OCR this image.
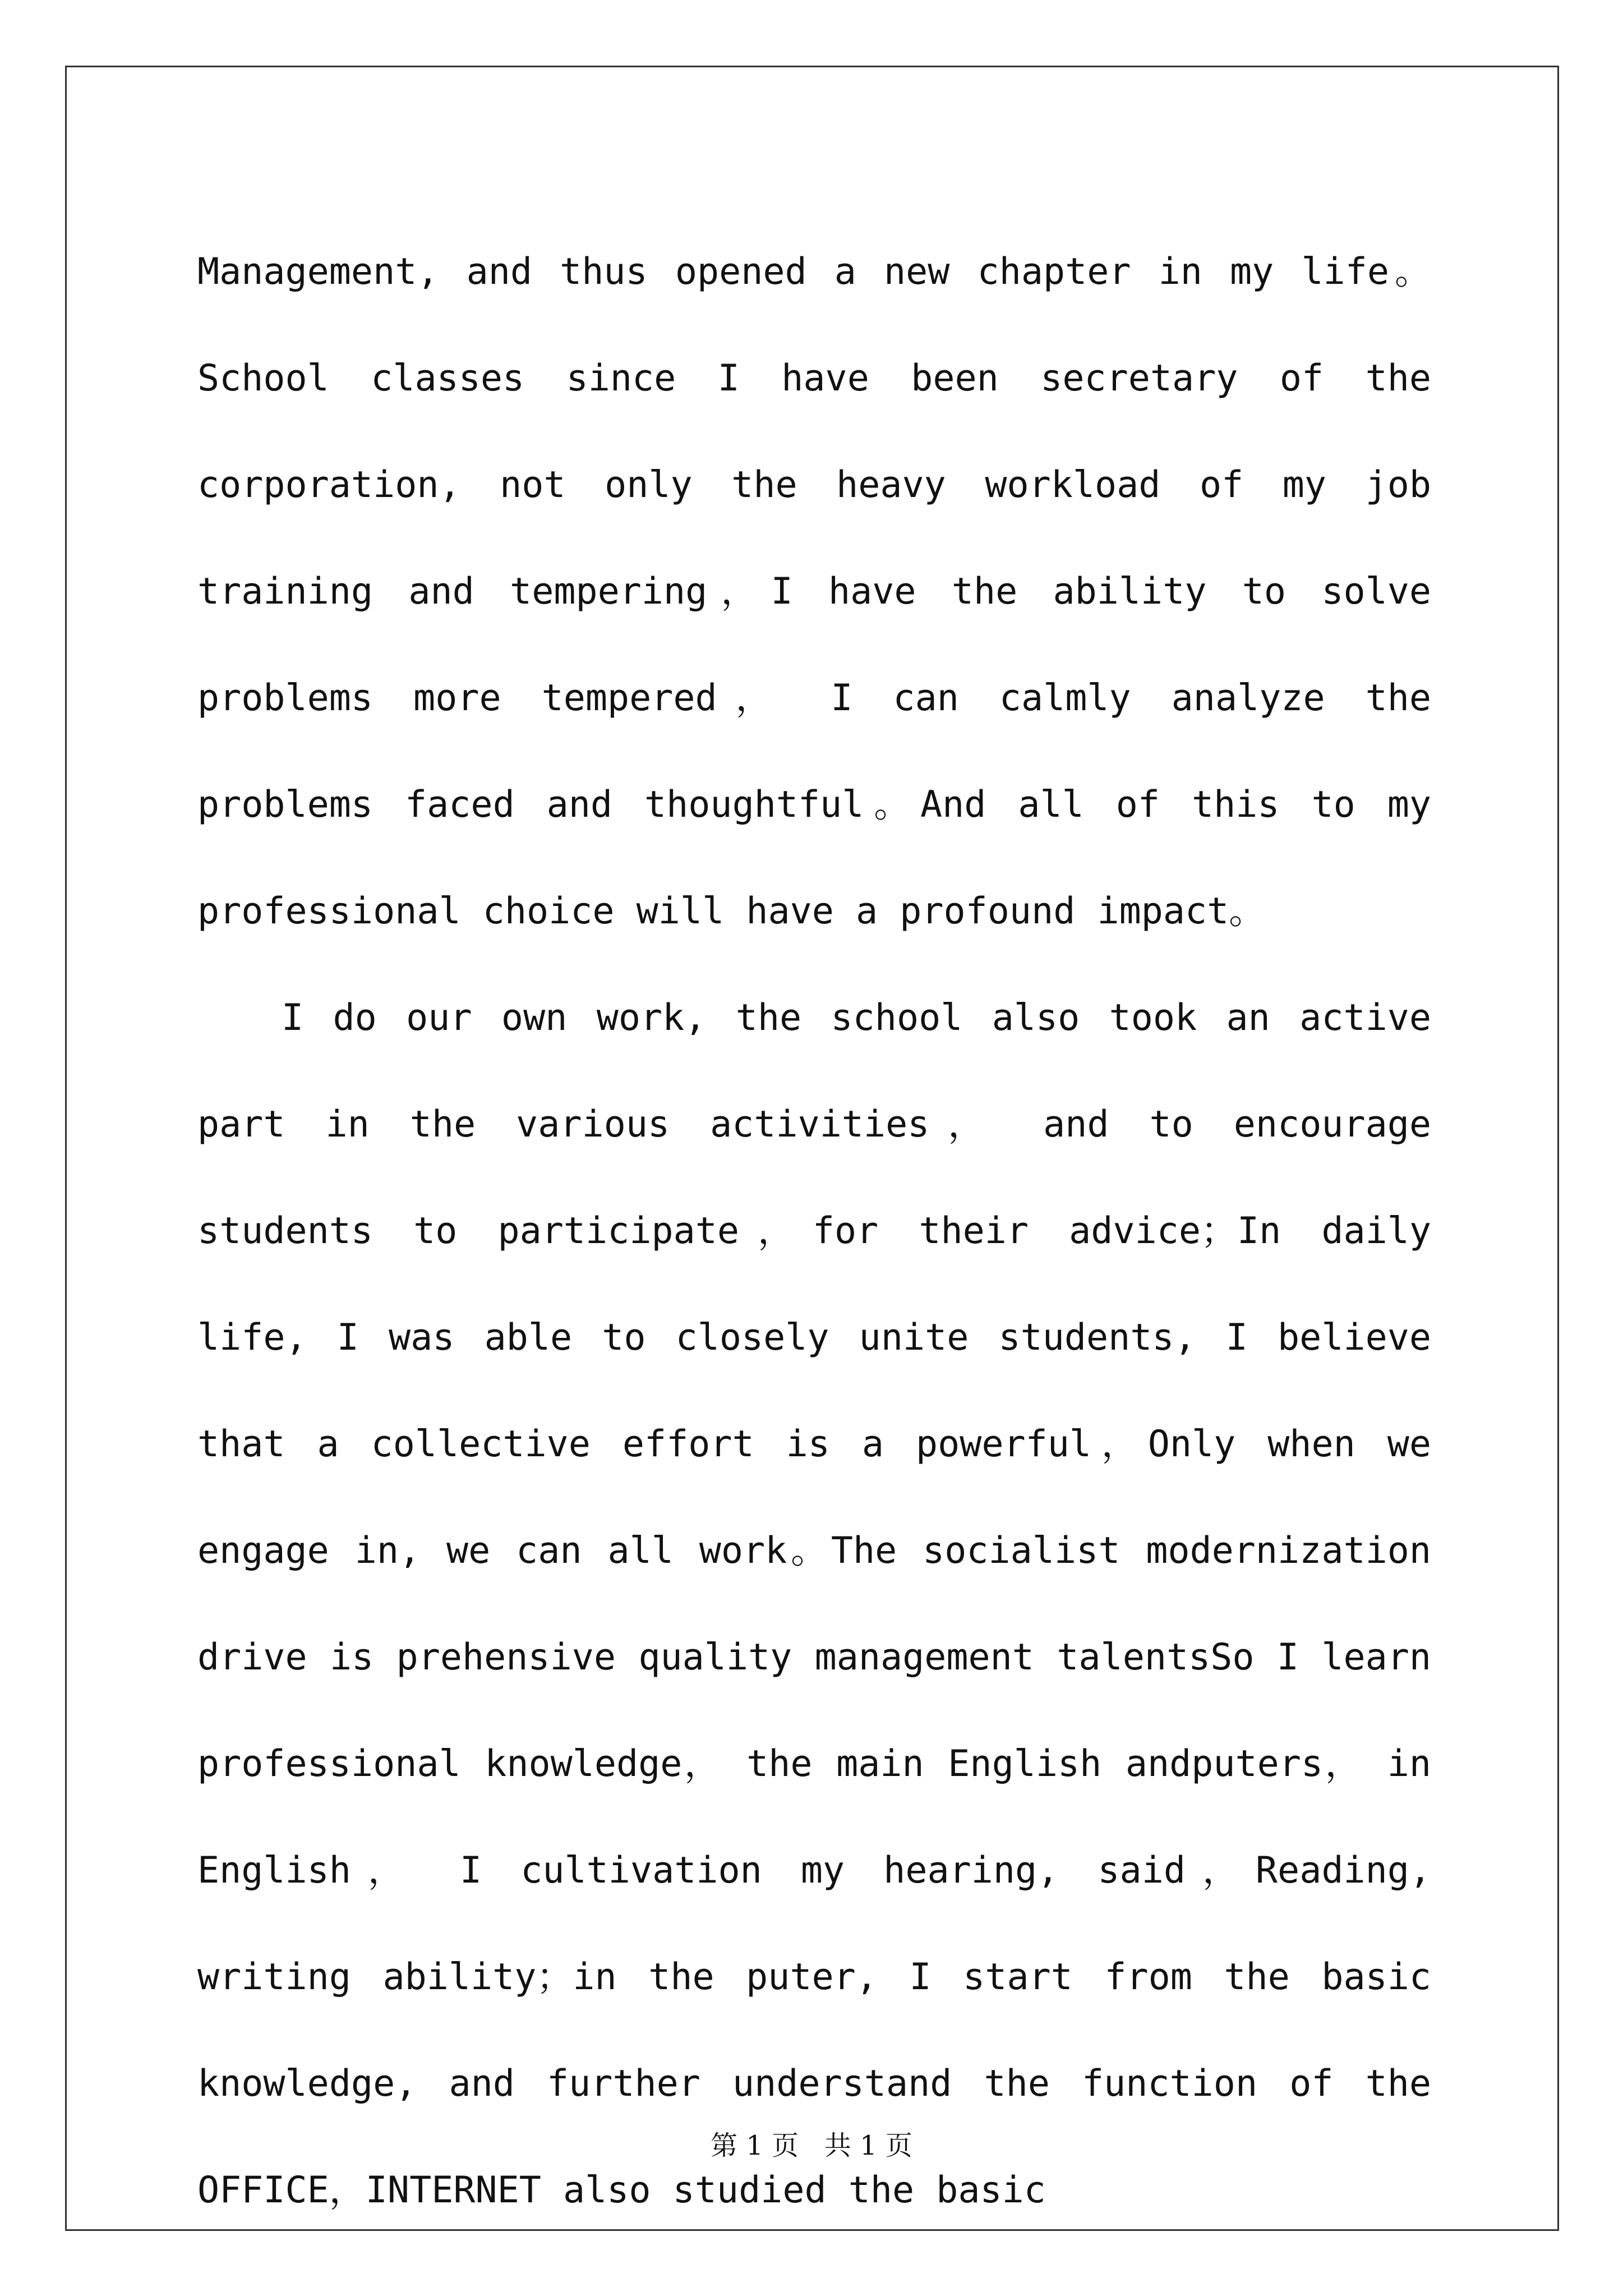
Management, and thus opened a new chapter in my life。School classes since I have been secretary of the corporation, not only the heavy workload of my job training and tempering，I have the ability to solve problems more tempered， I can calmly analyze the problems faced and thoughtful。And all of this to my professional choice will have a profound impact。

I do our own work, the school also took an active part in the various activities， and to encourage students to participate，for their advice；In daily life, I was able to closely unite students, I believe that a collective effort is a powerful，Only when we engage in, we can all work。The socialist modernization drive is prehensive quality management talentsSo I learn professional knowledge， the main English andputers， in English， I cultivation my hearing, said，Reading, writing ability；in the puter, I start from the basic knowledge, and further understand the function of the OFFICE，INTERNET also studied the basic

第 1 页   共 1 页
